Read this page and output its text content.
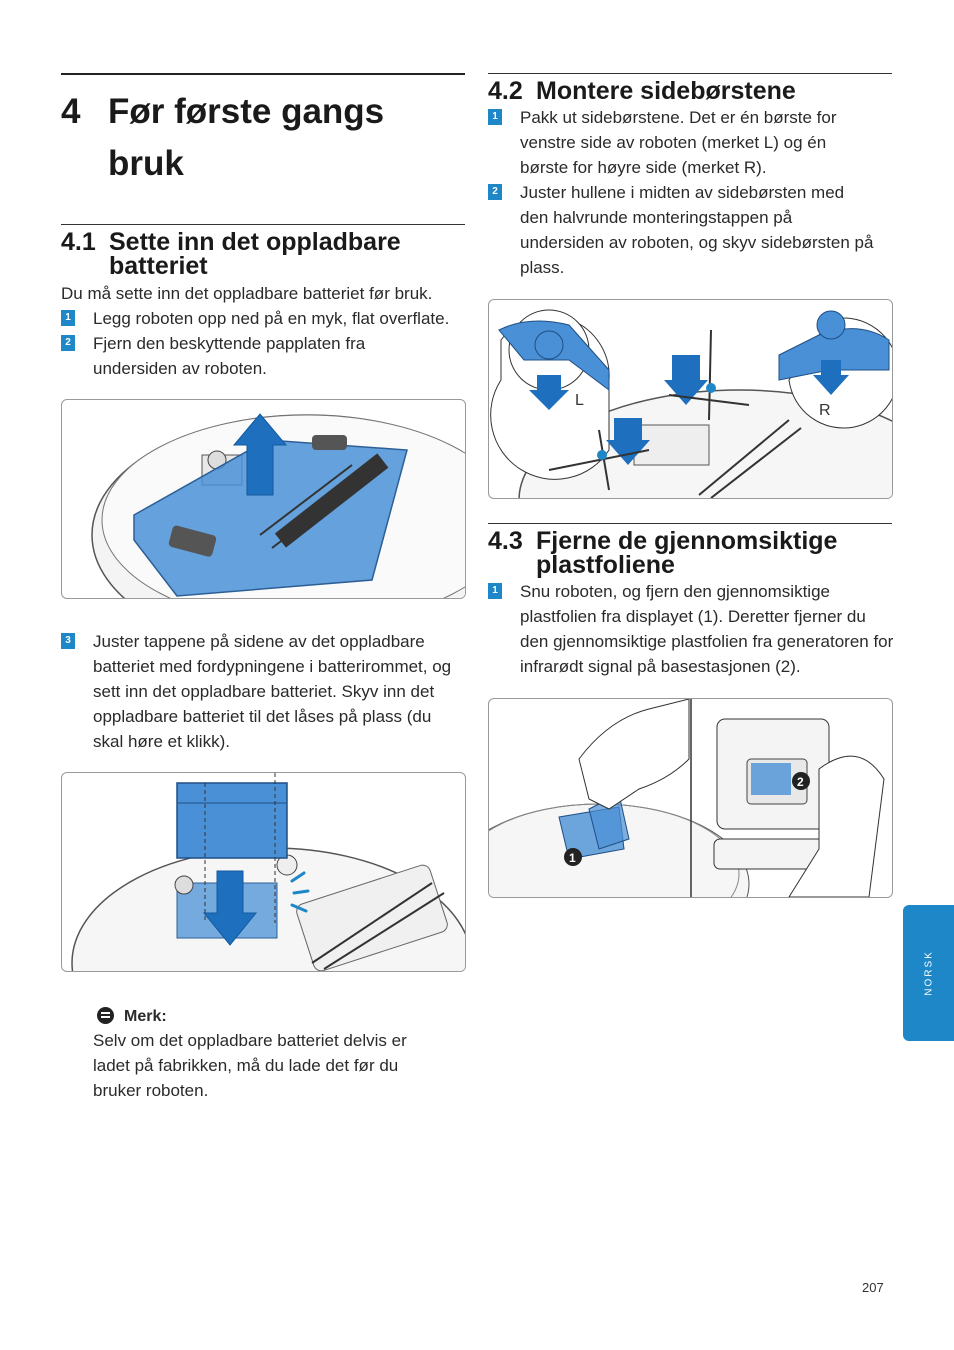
4 Før første gangs bruk
4.1 Sette inn det oppladbare
batteriet
Du må sette inn det oppladbare batteriet før bruk.
1 Legg roboten opp ned på en myk, flat overflate.
2 Fjern den beskyttende papplaten fra undersiden av roboten.
3 Juster tappene på sidene av det oppladbare batteriet med fordypningene i batterirommet, og sett inn det oppladbare batteriet. Skyv inn det oppladbare batteriet til det låses på plass (du skal høre et klikk).
Merk:
Selv om det oppladbare batteriet delvis er ladet på fabrikken, må du lade det før du bruker roboten.
4.2 Montere sidebørstene
1 Pakk ut sidebørstene. Det er én børste for venstre side av roboten (merket L) og én børste for høyre side (merket R).
2 Juster hullene i midten av sidebørsten med den halvrunde monteringstappen på undersiden av roboten, og skyv sidebørsten på plass.
L
R
4.3 Fjerne de gjennomsiktige
plastfoliene
1 Snu roboten, og fjern den gjennomsiktige plastfolien fra displayet (1). Deretter fjerner du den gjennomsiktige plastfolien fra generatoren for infrarødt signal på basestasjonen (2).
1
2
NORSK
207
